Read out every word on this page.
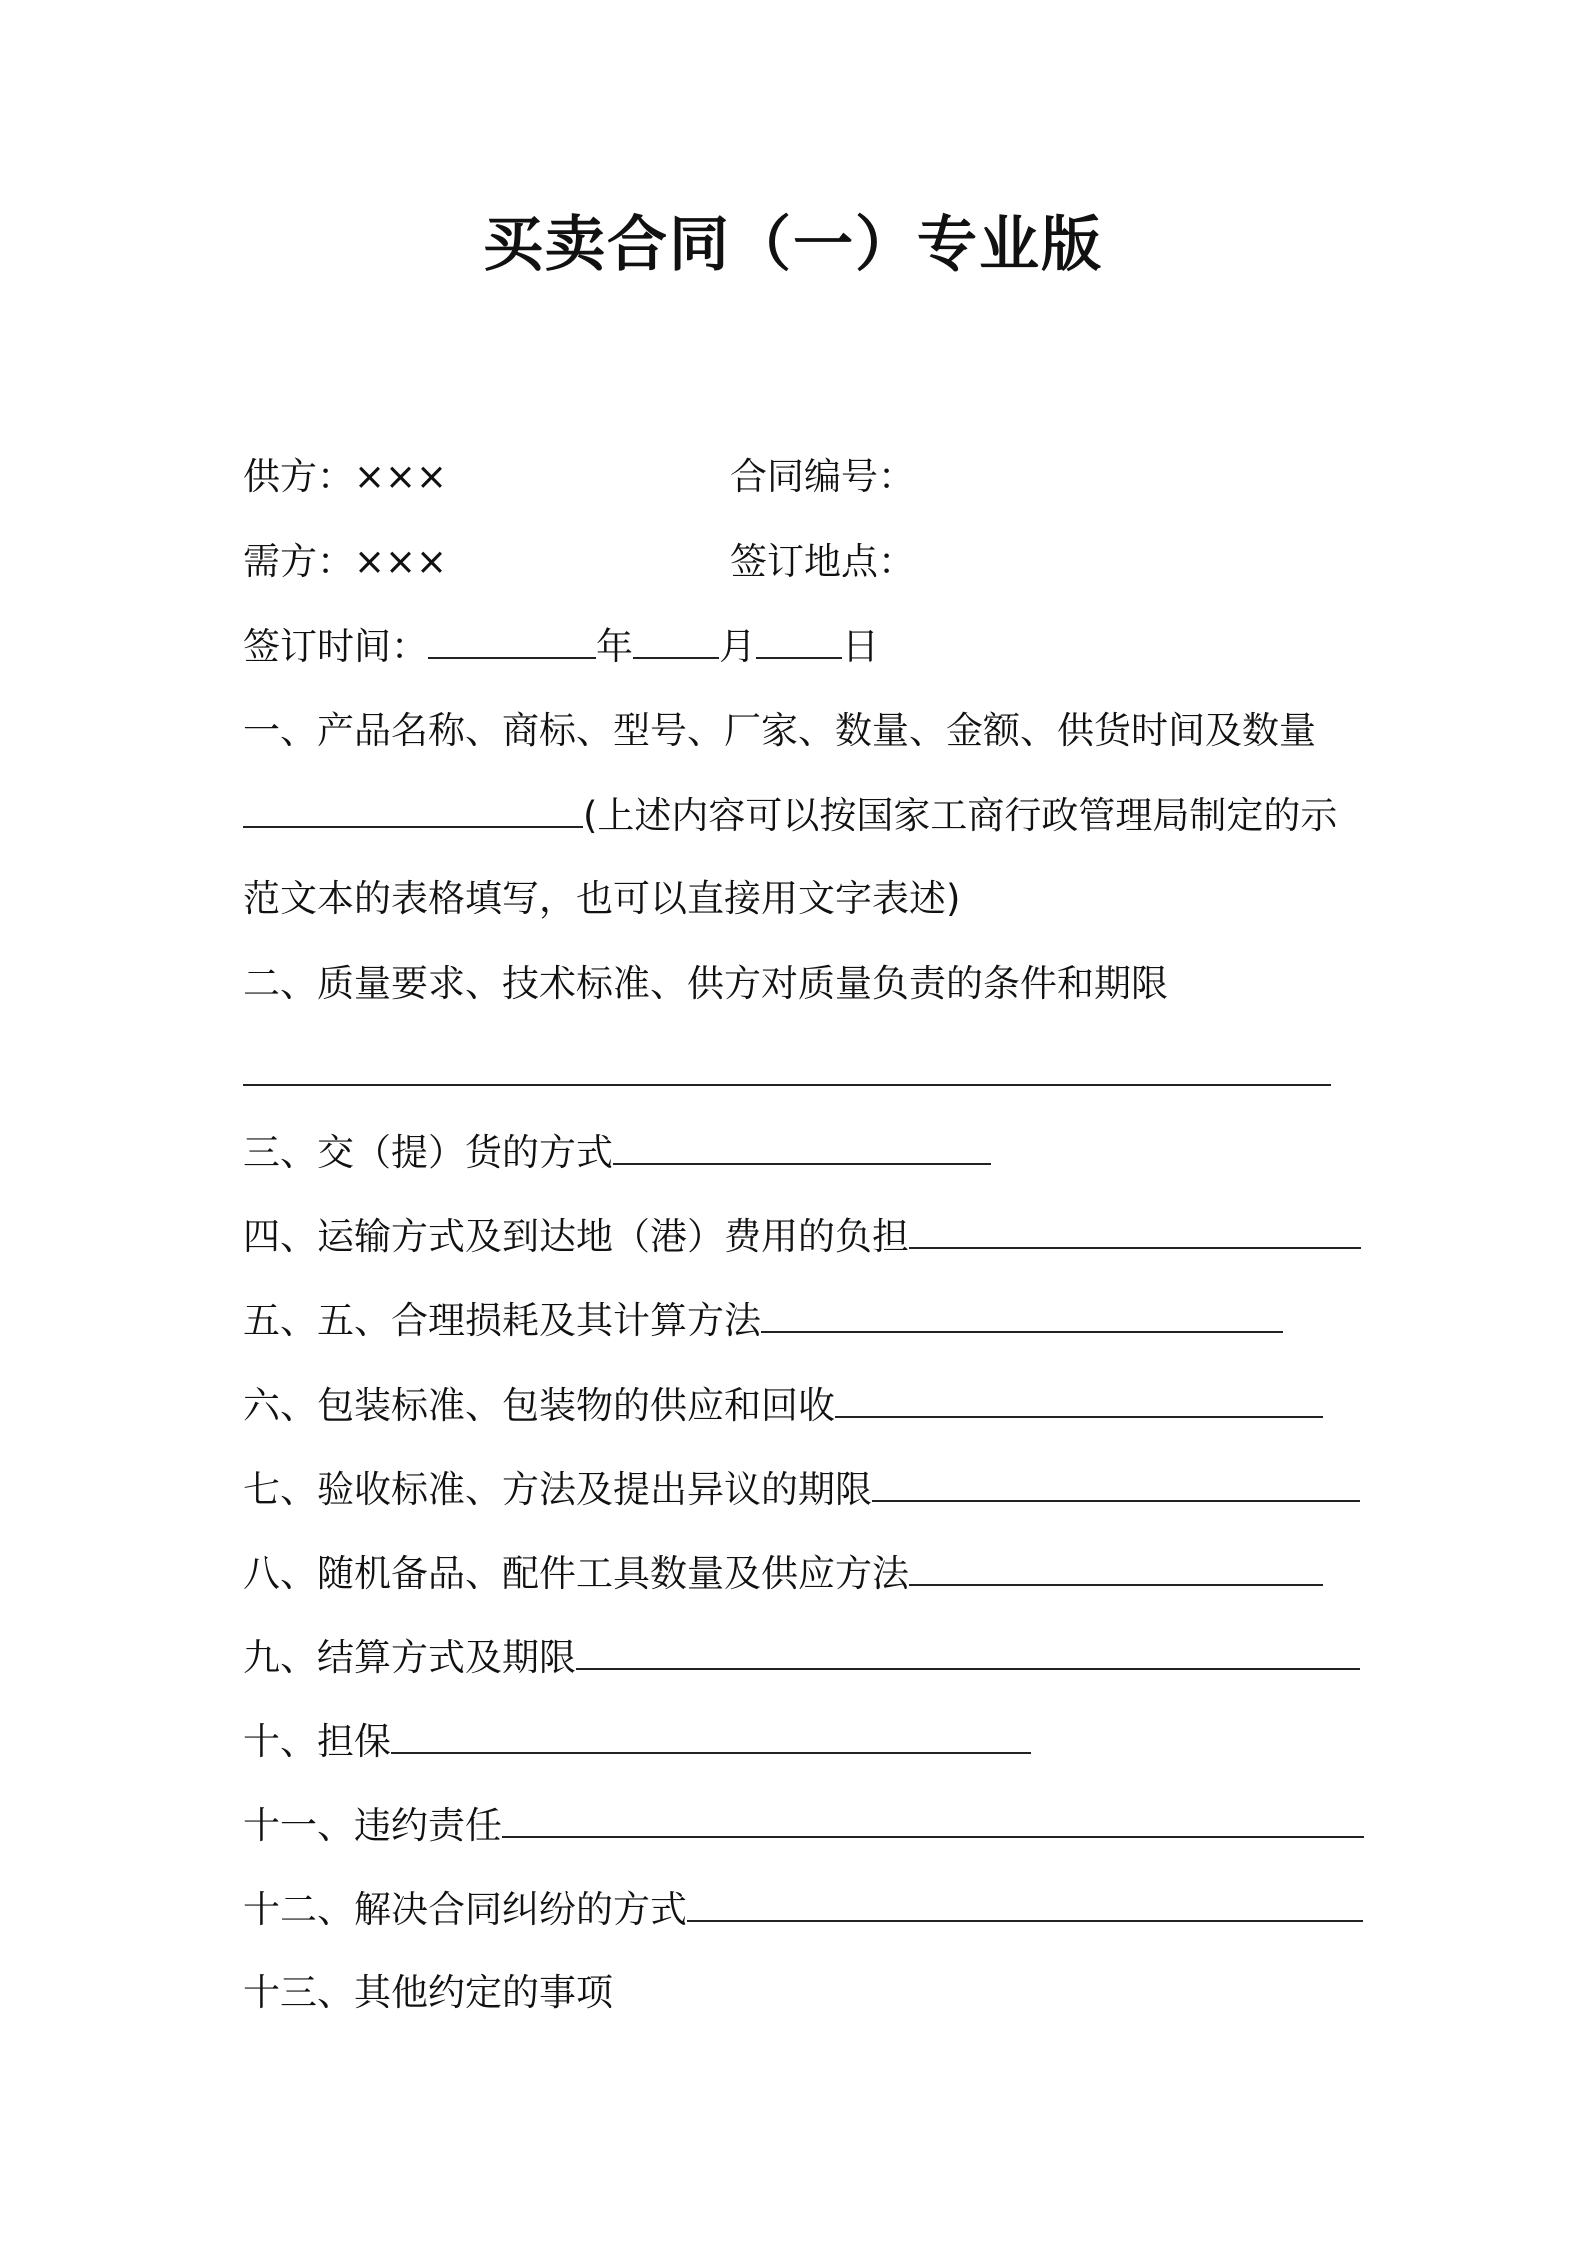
买卖合同（一）专业版
供方：×××	合同编号：
需方：×××	签订地点：
签订时间：	年 月 日
一、产品名称、商标、型号、厂家、数量、金额、供货时间及数量
(上述内容可以按国家工商行政管理局制定的示
范文本的表格填写，也可以直接用文字表述)
二、质量要求、技术标准、供方对质量负责的条件和期限
三、交（提）货的方式
四、运输方式及到达地（港）费用的负担
五、五、合理损耗及其计算方法
六、包装标准、包装物的供应和回收
七、验收标准、方法及提出异议的期限
八、随机备品、配件工具数量及供应方法
九、结算方式及期限
十、担保
十一、违约责任
十二、解决合同纠纷的方式
十三、其他约定的事项
